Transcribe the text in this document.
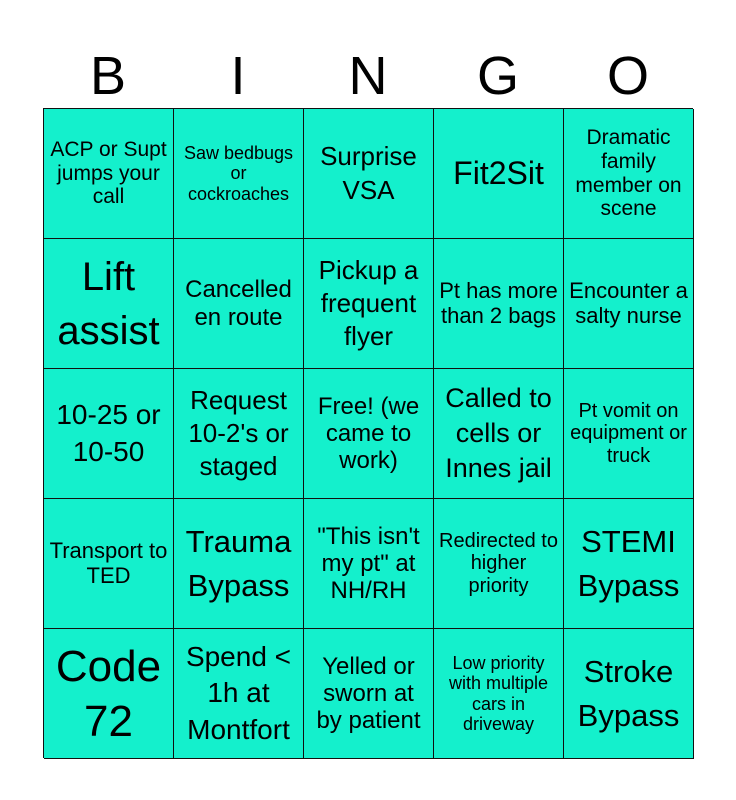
B	I	N	G	O
ACP or Supt jumps your call
Saw bedbugs or cockroaches
Surprise VSA	Fit2Sit
Dramatic family member on scene
Lift assist
Cancelled en route
Pickup a frequent flyer
Pt has more than 2 bags
Encounter a salty nurse
10-25 or 10-50
Request 10-2's or staged
Free! (we came to work)
Called to cells or Innes jail
Pt vomit on equipment or truck
Transport to TED
Trauma Bypass
"This isn't my pt" at NH/RH
Redirected to higher priority
STEMI Bypass
Code 72
Spend < 1h at Montfort
Yelled or sworn at by patient
Low priority with multiple cars in driveway
Stroke Bypass
